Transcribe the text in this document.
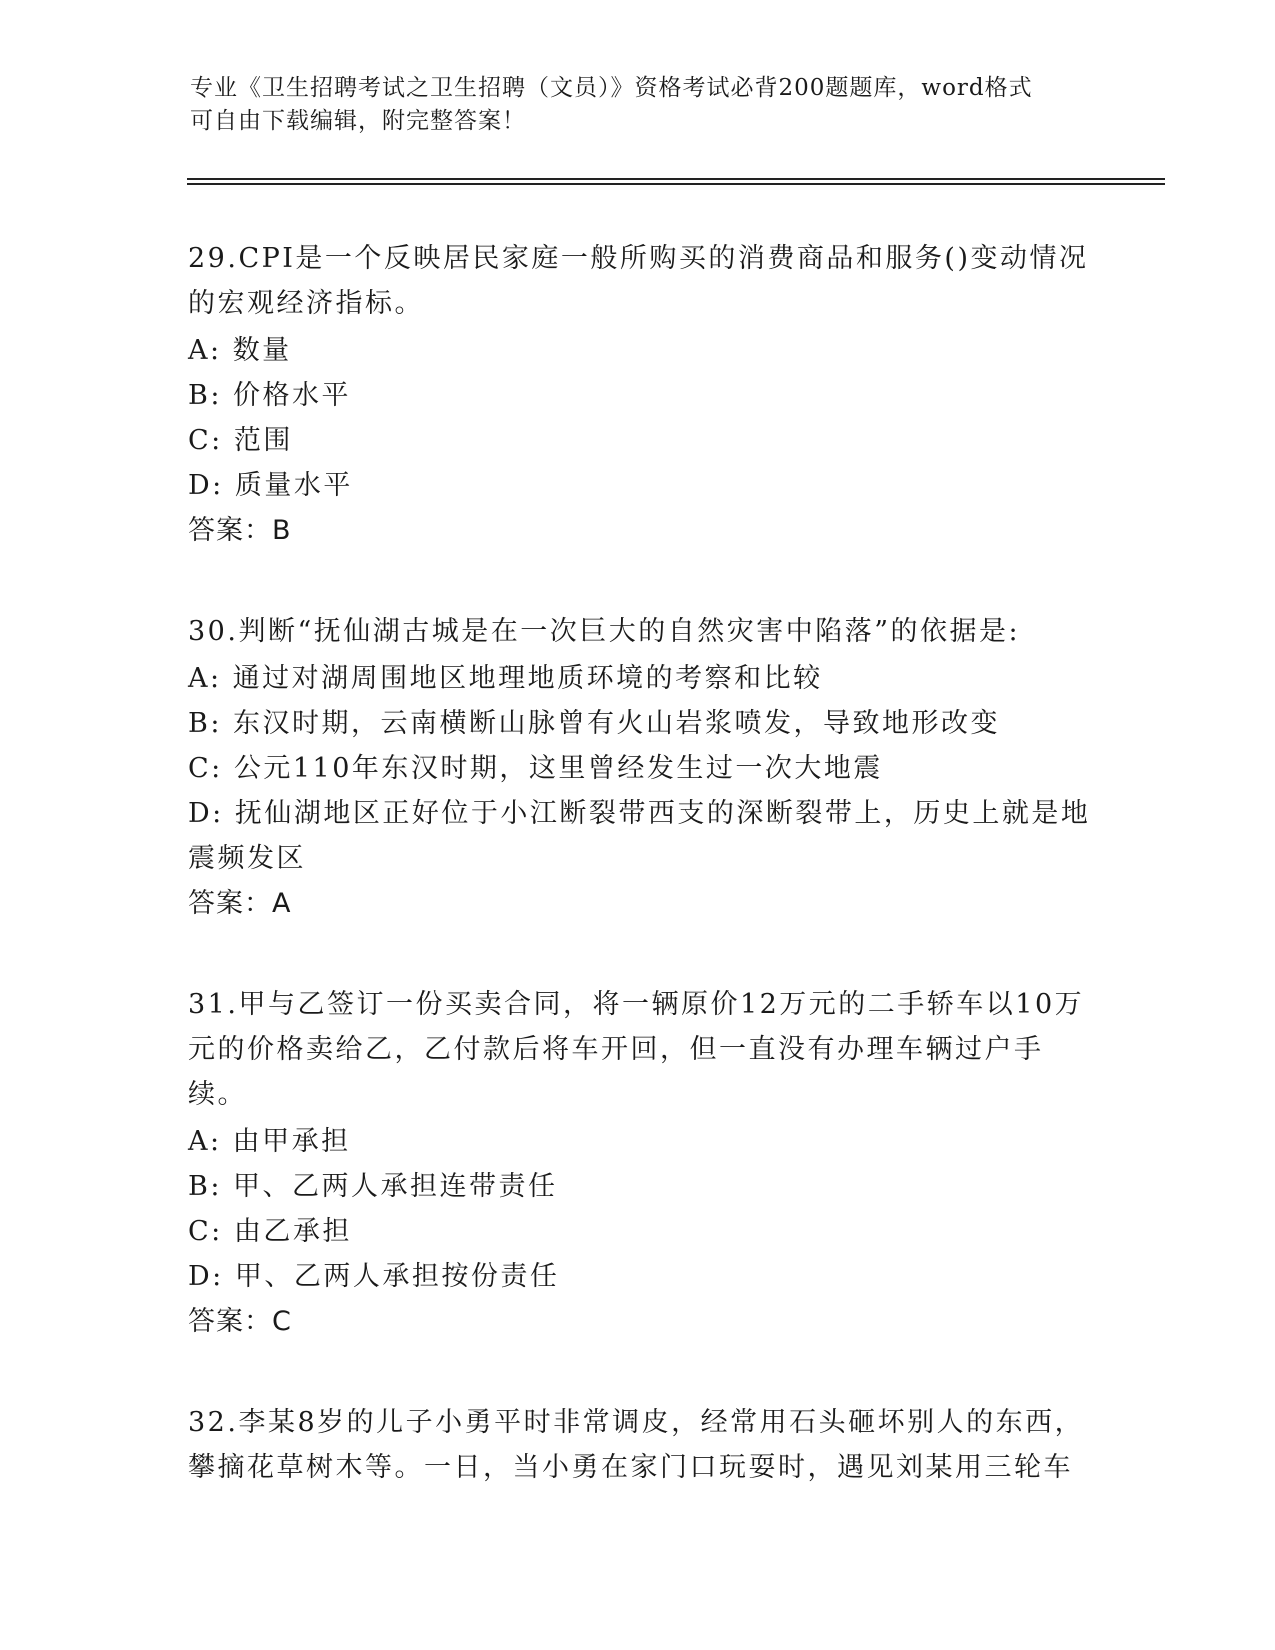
专业《卫生招聘考试之卫生招聘（文员）》资格考试必背200题题库，word格式
可自由下载编辑，附完整答案！
29.CPI是一个反映居民家庭一般所购买的消费商品和服务()变动情况的宏观经济指标。
A: 数量
B: 价格水平
C: 范围
D: 质量水平
答案：B
30.判断“抚仙湖古城是在一次巨大的自然灾害中陷落”的依据是:
A: 通过对湖周围地区地理地质环境的考察和比较
B: 东汉时期，云南横断山脉曾有火山岩浆喷发，导致地形改变
C: 公元110年东汉时期，这里曾经发生过一次大地震
D: 抚仙湖地区正好位于小江断裂带西支的深断裂带上，历史上就是地震频发区
答案：A
31.甲与乙签订一份买卖合同，将一辆原价12万元的二手轿车以10万元的价格卖给乙，乙付款后将车开回，但一直没有办理车辆过户手续。
A: 由甲承担
B: 甲、乙两人承担连带责任
C: 由乙承担
D: 甲、乙两人承担按份责任
答案：C
32.李某8岁的儿子小勇平时非常调皮，经常用石头砸坏别人的东西，攀摘花草树木等。一日，当小勇在家门口玩耍时，遇见刘某用三轮车
